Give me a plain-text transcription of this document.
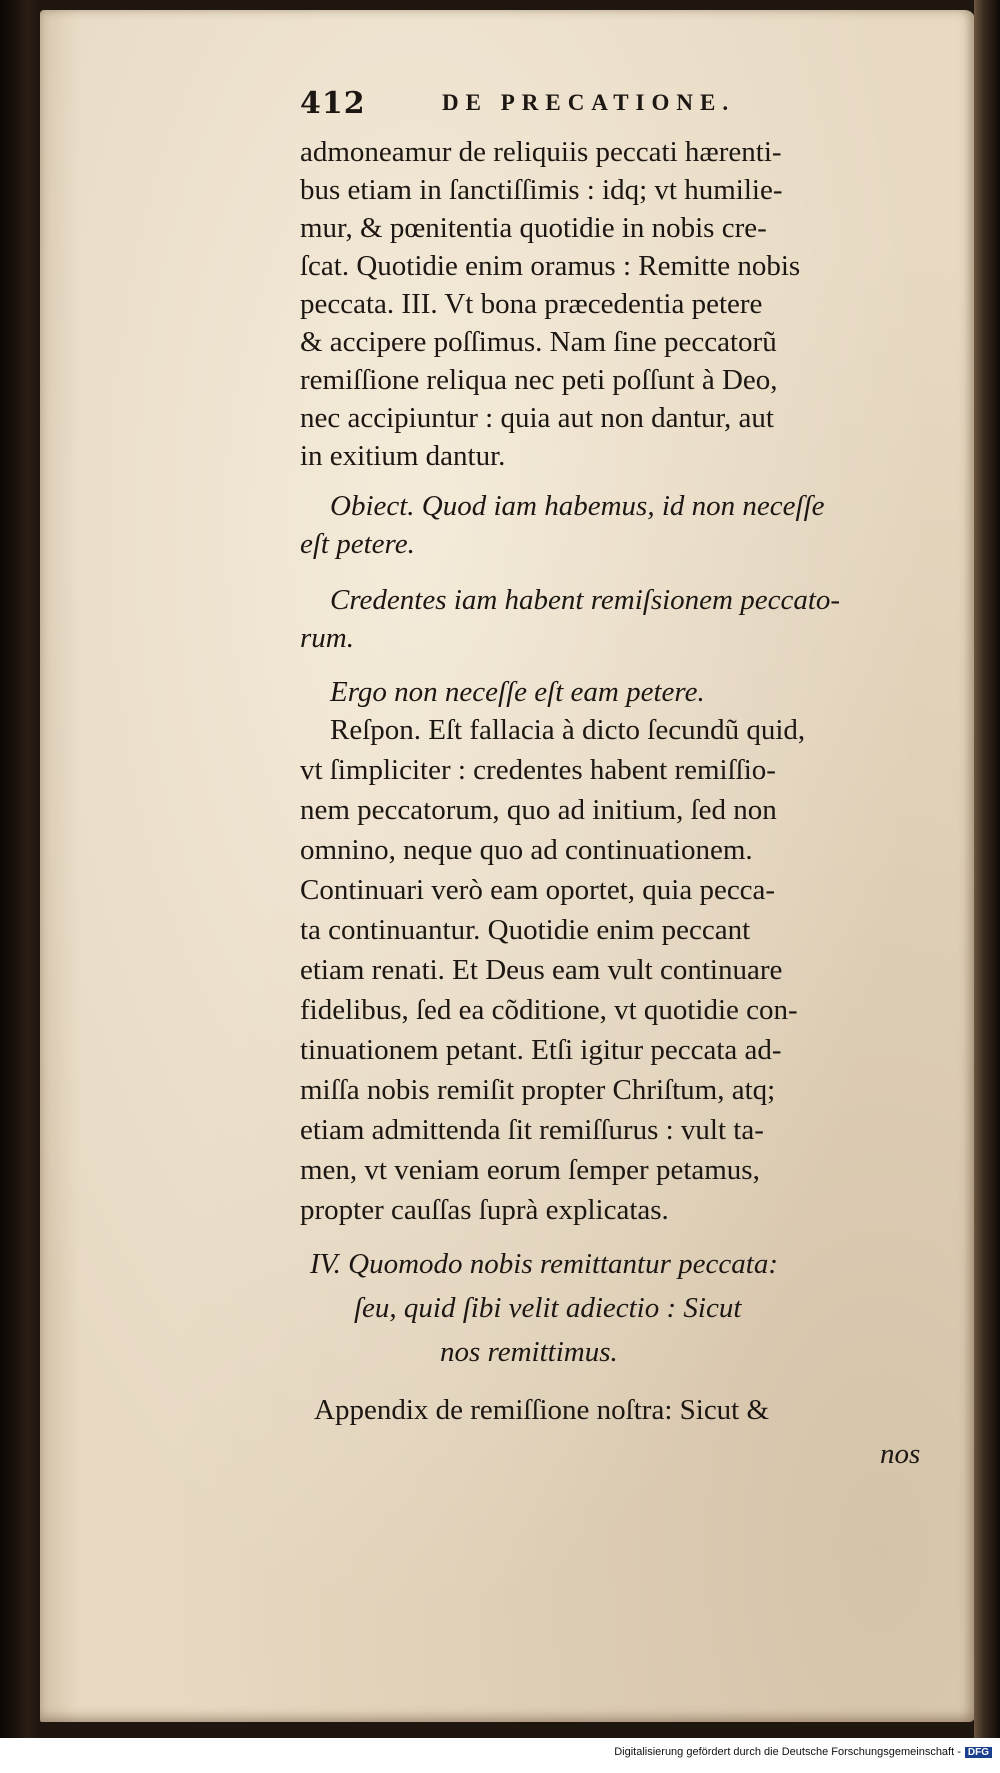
412	DE PRECATIONE.
admoneamur de reliquiis peccati hærenti-
bus etiam in ſanctiſſimis : idq; vt humilie-
mur, & pœnitentia quotidie in nobis cre-
ſcat. Quotidie enim oramus : Remitte nobis
peccata. III. Vt bona præcedentia petere
& accipere poſſimus. Nam ſine peccatorũ
remiſſione reliqua nec peti poſſunt à Deo,
nec accipiuntur : quia aut non dantur, aut
in exitium dantur.
Obiect. Quod iam habemus, id non neceſſe
eſt petere.
Credentes iam habent remiſsionem peccato-
rum.
Ergo non neceſſe eſt eam petere.
Reſpon. Eſt fallacia à dicto ſecundũ quid,
vt ſimpliciter : credentes habent remiſſio-
nem peccatorum, quo ad initium, ſed non
omnino, neque quo ad continuationem.
Continuari verò eam oportet, quia pecca-
ta continuantur. Quotidie enim peccant
etiam renati. Et Deus eam vult continuare
fidelibus, ſed ea cõditione, vt quotidie con-
tinuationem petant. Etſi igitur peccata ad-
miſſa nobis remiſit propter Chriſtum, atq;
etiam admittenda ſit remiſſurus : vult ta-
men, vt veniam eorum ſemper petamus,
propter cauſſas ſuprà explicatas.
IV. Quomodo nobis remittantur peccata:
ſeu, quid ſibi velit adiectio : Sicut
nos remittimus.
Appendix de remiſſione noſtra: Sicut &
nos
Digitalisierung gefördert durch die Deutsche Forschungsgemeinschaft - DFG
